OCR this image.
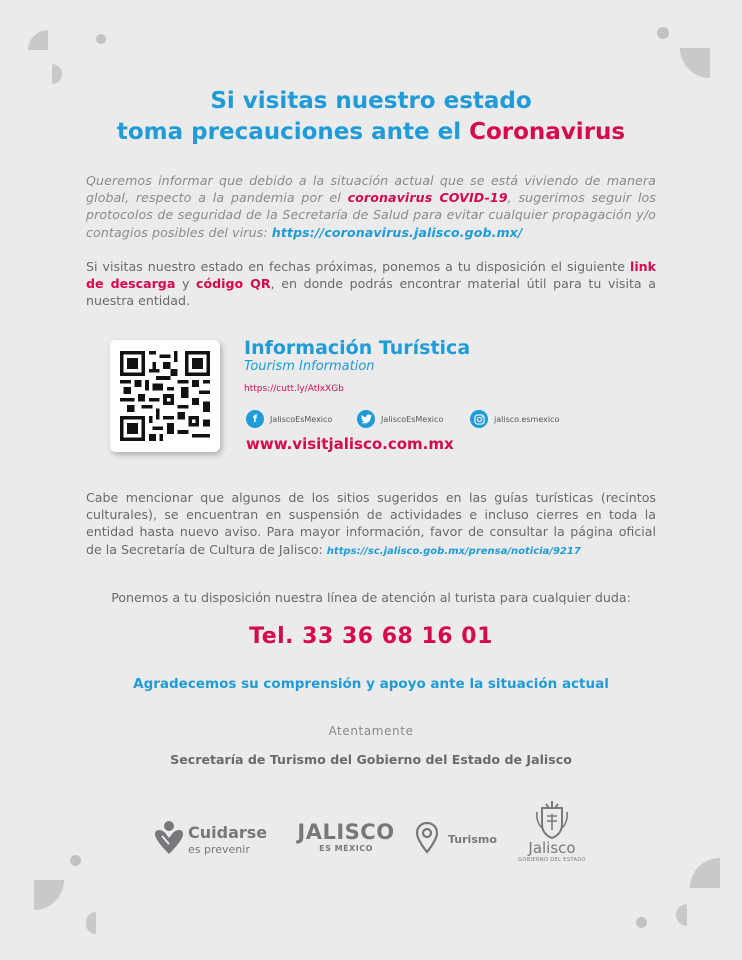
Si visitas nuestro estado
toma precauciones ante el Coronavirus
Queremos informar que debido a la situación actual que se está viviendo de manera global, respecto a la pandemia por el coronavirus COVID-19, sugerimos seguir los protocolos de seguridad de la Secretaría de Salud para evitar cualquier propagación y/o contagios posibles del virus: https://coronavirus.jalisco.gob.mx/
Si visitas nuestro estado en fechas próximas, ponemos a tu disposición el siguiente link de descarga y código QR, en donde podrás encontrar material útil para tu visita a nuestra entidad.
Información Turística
Tourism Information
https://cutt.ly/AtlxXGb
f	JaliscoEsMexico	JaliscoEsMexico	jalisco.esmexico
www.visitjalisco.com.mx
Cabe mencionar que algunos de los sitios sugeridos en las guías turísticas (recintos culturales), se encuentran en suspensión de actividades e incluso cierres en toda la entidad hasta nuevo aviso. Para mayor información, favor de consultar la página oficial de la Secretaría de Cultura de Jalisco: https://sc.jalisco.gob.mx/prensa/noticia/9217
Ponemos a tu disposición nuestra línea de atención al turista para cualquier duda:
Tel. 33 36 68 16 01
Agradecemos su comprensión y apoyo ante la situación actual
Atentamente
Secretaría de Turismo del Gobierno del Estado de Jalisco
Cuidarse
es prevenir
JALISCO
ES MÉXICO
Turismo	Jalisco
GOBIERNO DEL ESTADO
